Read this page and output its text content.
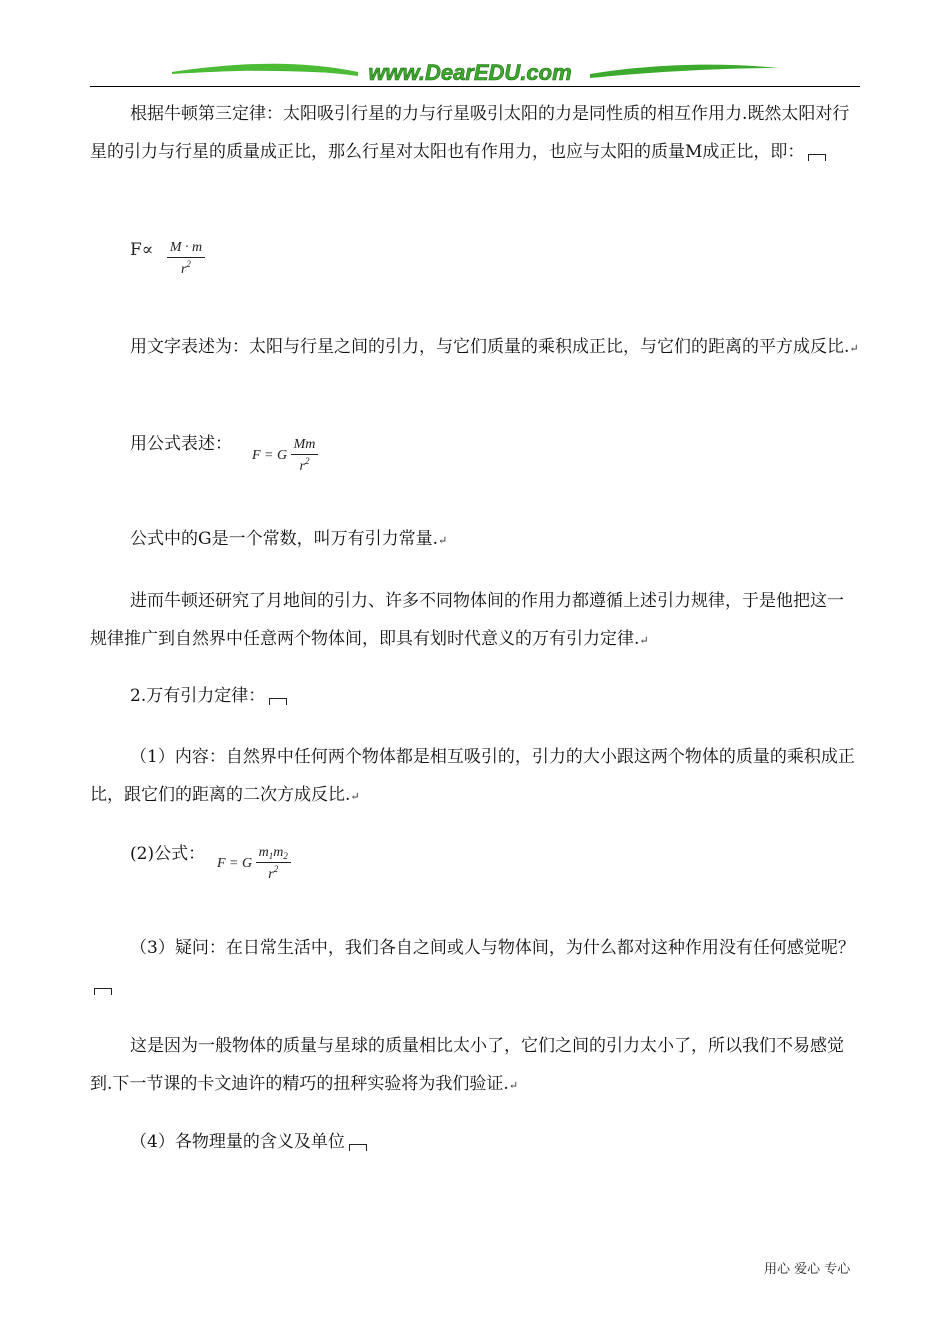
www.DearEDU.com

根据牛顿第三定律：太阳吸引行星的力与行星吸引太阳的力是同性质的相互作用力.既然太阳对行星的引力与行星的质量成正比，那么行星对太阳也有作用力，也应与太阳的质量M成正比，即：

$F\propto \frac{M \cdot m}{r^2}$

用文字表述为：太阳与行星之间的引力，与它们质量的乘积成正比，与它们的距离的平方成反比.↵

用公式表述：

F = G $\frac{Mm}{r^2}$

公式中的G是一个常数，叫万有引力常量.↵

进而牛顿还研究了月地间的引力、许多不同物体间的作用力都遵循上述引力规律，于是他把这一规律推广到自然界中任意两个物体间，即具有划时代意义的万有引力定律.↵

2.万有引力定律：

（1）内容：自然界中任何两个物体都是相互吸引的，引力的大小跟这两个物体的质量的乘积成正比，跟它们的距离的二次方成反比.↵

(2)公式： F = G $\frac{m_1m_2}{r^2}$

（3）疑问：在日常生活中，我们各自之间或人与物体间，为什么都对这种作用没有任何感觉呢？

这是因为一般物体的质量与星球的质量相比太小了，它们之间的引力太小了，所以我们不易感觉到.下一节课的卡文迪许的精巧的扭秤实验将为我们验证.↵

（4）各物理量的含义及单位

用心 爱心 专心
